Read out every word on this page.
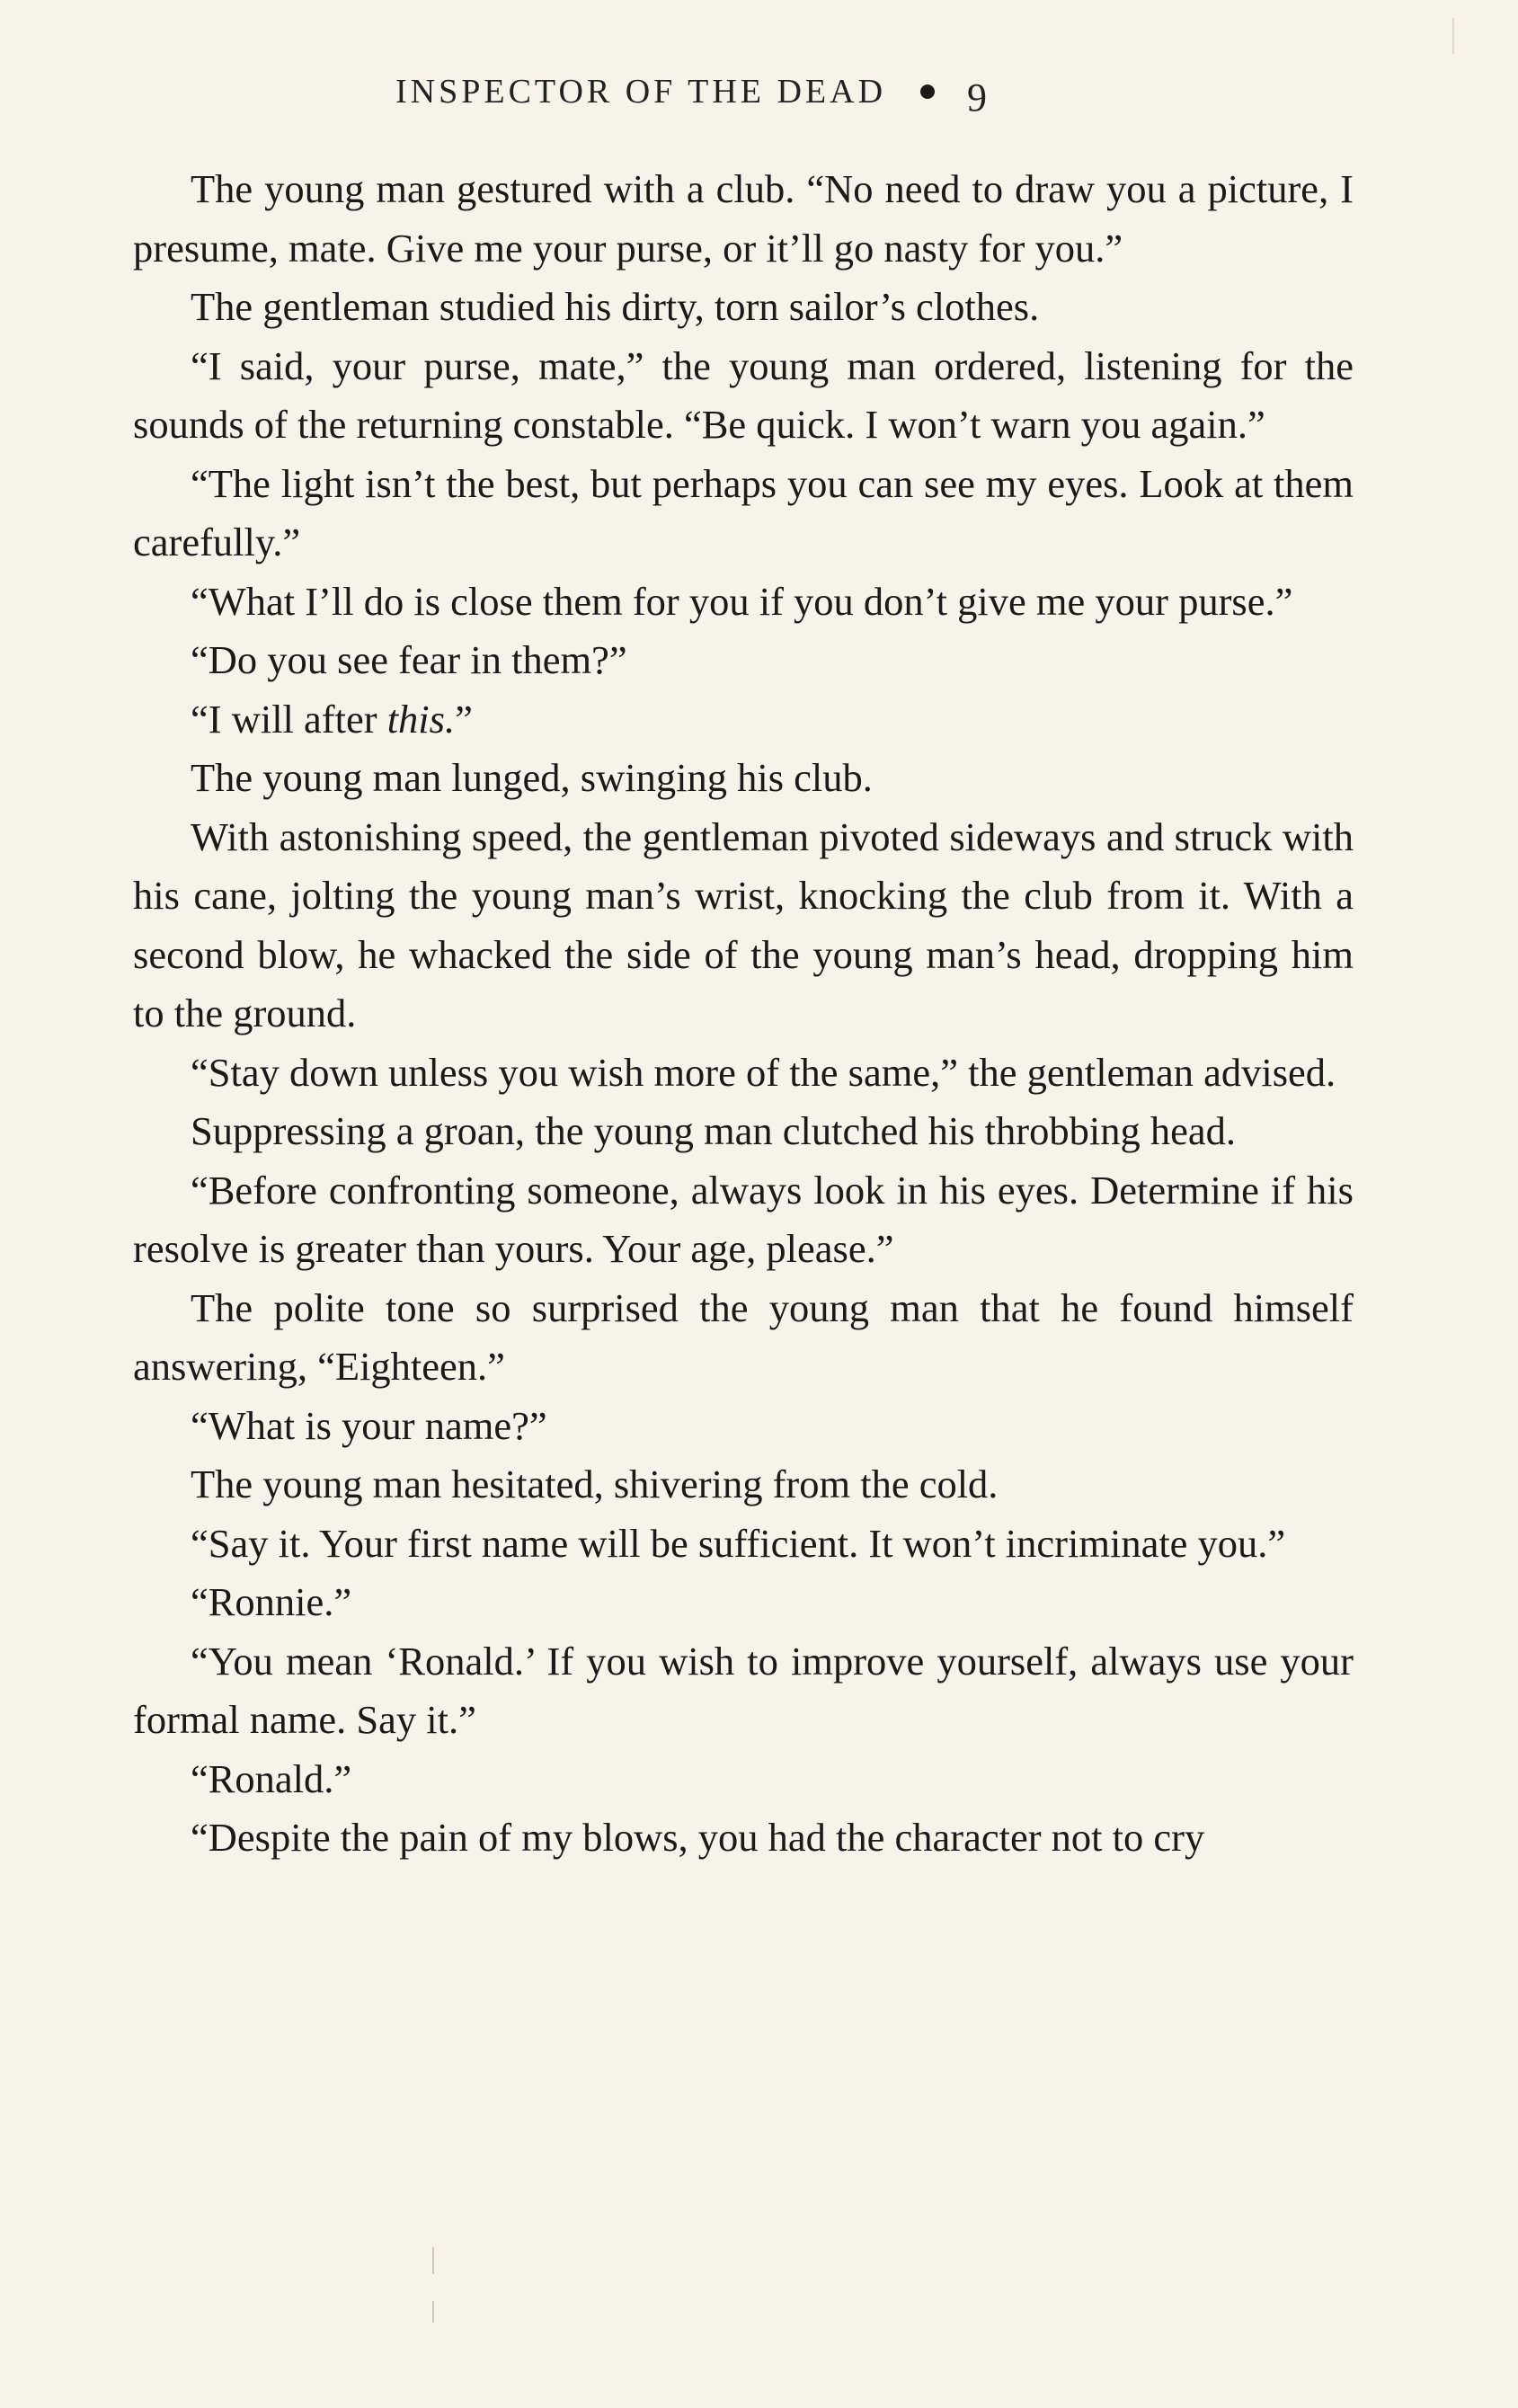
INSPECTOR OF THE DEAD 9

The young man gestured with a club. “No need to draw you a picture, I presume, mate. Give me your purse, or it’ll go nasty for you.”

The gentleman studied his dirty, torn sailor’s clothes.

“I said, your purse, mate,” the young man ordered, listening for the sounds of the returning constable. “Be quick. I won’t warn you again.”

“The light isn’t the best, but perhaps you can see my eyes. Look at them carefully.”

“What I’ll do is close them for you if you don’t give me your purse.”

“Do you see fear in them?”

“I will after this.”

The young man lunged, swinging his club.

With astonishing speed, the gentleman pivoted sideways and struck with his cane, jolting the young man’s wrist, knocking the club from it. With a second blow, he whacked the side of the young man’s head, dropping him to the ground.

“Stay down unless you wish more of the same,” the gentleman advised.

Suppressing a groan, the young man clutched his throbbing head.

“Before confronting someone, always look in his eyes. Determine if his resolve is greater than yours. Your age, please.”

The polite tone so surprised the young man that he found himself answering, “Eighteen.”

“What is your name?”

The young man hesitated, shivering from the cold.

“Say it. Your first name will be sufficient. It won’t incriminate you.”

“Ronnie.”

“You mean ‘Ronald.’ If you wish to improve yourself, always use your formal name. Say it.”

“Ronald.”

“Despite the pain of my blows, you had the character not to cry
